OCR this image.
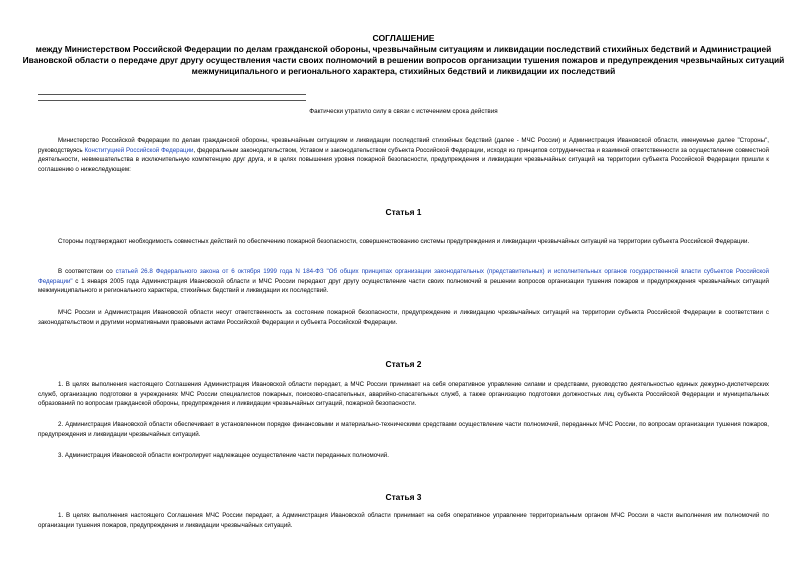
СОГЛАШЕНИЕ
между Министерством Российской Федерации по делам гражданской обороны, чрезвычайным ситуациям и ликвидации последствий стихийных бедствий и Администрацией Ивановской области о передаче друг другу осуществления части своих полномочий в решении вопросов организации тушения пожаров и предупреждения чрезвычайных ситуаций межмуниципального и регионального характера, стихийных бедствий и ликвидации их последствий
Фактически утратило силу в связи с истечением срока действия

Министерство Российской Федерации по делам гражданской обороны, чрезвычайным ситуациям и ликвидации последствий стихийных бедствий (далее - МЧС России) и Администрация Ивановской области, именуемые далее "Стороны", руководствуясь Конституцией Российской Федерации, федеральным законодательством, Уставом и законодательством субъекта Российской Федерации, исходя из принципов сотрудничества и взаимной ответственности за осуществление совместной деятельности, невмешательства в исключительную компетенцию друг друга, и в целях повышения уровня пожарной безопасности, предупреждения и ликвидации чрезвычайных ситуаций на территории субъекта Российской Федерации пришли к соглашению о нижеследующем:

Статья 1

Стороны подтверждают необходимость совместных действий по обеспечению пожарной безопасности, совершенствованию системы предупреждения и ликвидации чрезвычайных ситуаций на территории субъекта Российской Федерации.

В соответствии со статьей 26.8 Федерального закона от 6 октября 1999 года N 184-ФЗ "Об общих принципах организации законодательных (представительных) и исполнительных органов государственной власти субъектов Российской Федерации" с 1 января 2005 года Администрация Ивановской области и МЧС России передают друг другу осуществление части своих полномочий в решении вопросов организации тушения пожаров и предупреждения чрезвычайных ситуаций межмуниципального и регионального характера, стихийных бедствий и ликвидации их последствий.

МЧС России и Администрация Ивановской области несут ответственность за состояние пожарной безопасности, предупреждение и ликвидацию чрезвычайных ситуаций на территории субъекта Российской Федерации в соответствии с законодательством и другими нормативными правовыми актами Российской Федерации и субъекта Российской Федерации.

Статья 2

1. В целях выполнения настоящего Соглашения Администрация Ивановской области передает, а МЧС России принимает на себя оперативное управление силами и средствами, руководство деятельностью единых дежурно-диспетчерских служб, организацию подготовки в учреждениях МЧС России специалистов пожарных, поисково-спасательных, аварийно-спасательных служб, а также организацию подготовки должностных лиц субъекта Российской Федерации и муниципальных образований по вопросам гражданской обороны, предупреждения и ликвидации чрезвычайных ситуаций, пожарной безопасности.

2. Администрация Ивановской области обеспечивает в установленном порядке финансовыми и материально-техническими средствами осуществление части полномочий, переданных МЧС России, по вопросам организации тушения пожаров, предупреждения и ликвидации чрезвычайных ситуаций.

3. Администрация Ивановской области контролирует надлежащее осуществление части переданных полномочий.

Статья 3

1. В целях выполнения настоящего Соглашения МЧС России передает, а Администрация Ивановской области принимает на себя оперативное управление территориальным органом МЧС России в части выполнения им полномочий по организации тушения пожаров, предупреждения и ликвидации чрезвычайных ситуаций.
